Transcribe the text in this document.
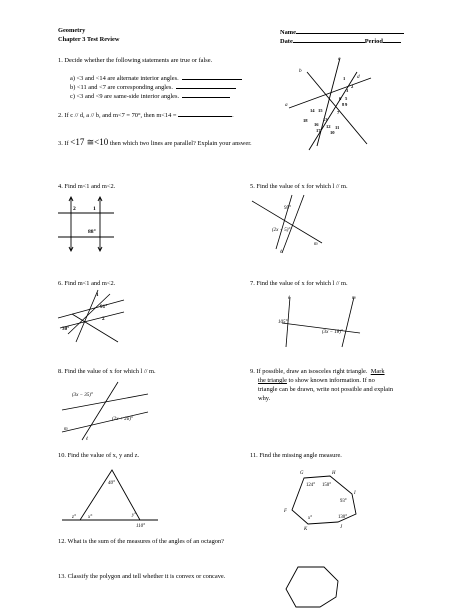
Geometry
Chapter 3 Test Review
Name
Date	Period
1. Decide whether the following statements are true or false.
a) <3 and <14 are alternate interior angles.
b) <11 and <7 are corresponding angles.
c) <3 and <9 are same-side interior angles.
2. If c // d, a // b, and m<7 = 70°, then m<14 =	.
3. If <17 ≅<10 then which two lines are parallel? Explain your answer.
b
c
d
a
1
2
3
5
6
7
8 9
10
11
12
13
14 15
16
17
18
4. Find m<1 and m<2.
2	1
88°
5. Find the value of x for which l // m.
95°
(2x − 5)°
ℓ
m
6. Find m<1 and m<2.
1
91°
2
30°
7. Find the value of x for which l // m.
ℓ	m
105°
(3x − 18)°
8. Find the value of x for which l // m.
(3x − 35)°
(2x + 26)°
m
ℓ
9. If possible, draw an isosceles right triangle. Mark
the triangle to show known information. If no
triangle can be drawn, write not possible and explain
why.
10. Find the value of x, y and z.
40°
z° x°	y°
110°
11. Find the missing angle measure.
G	H
124° 150°
I
93°
130°
J
x°
K
F
12. What is the sum of the measures of the angles of an octagon?
13. Classify the polygon and tell whether it is convex or concave.
